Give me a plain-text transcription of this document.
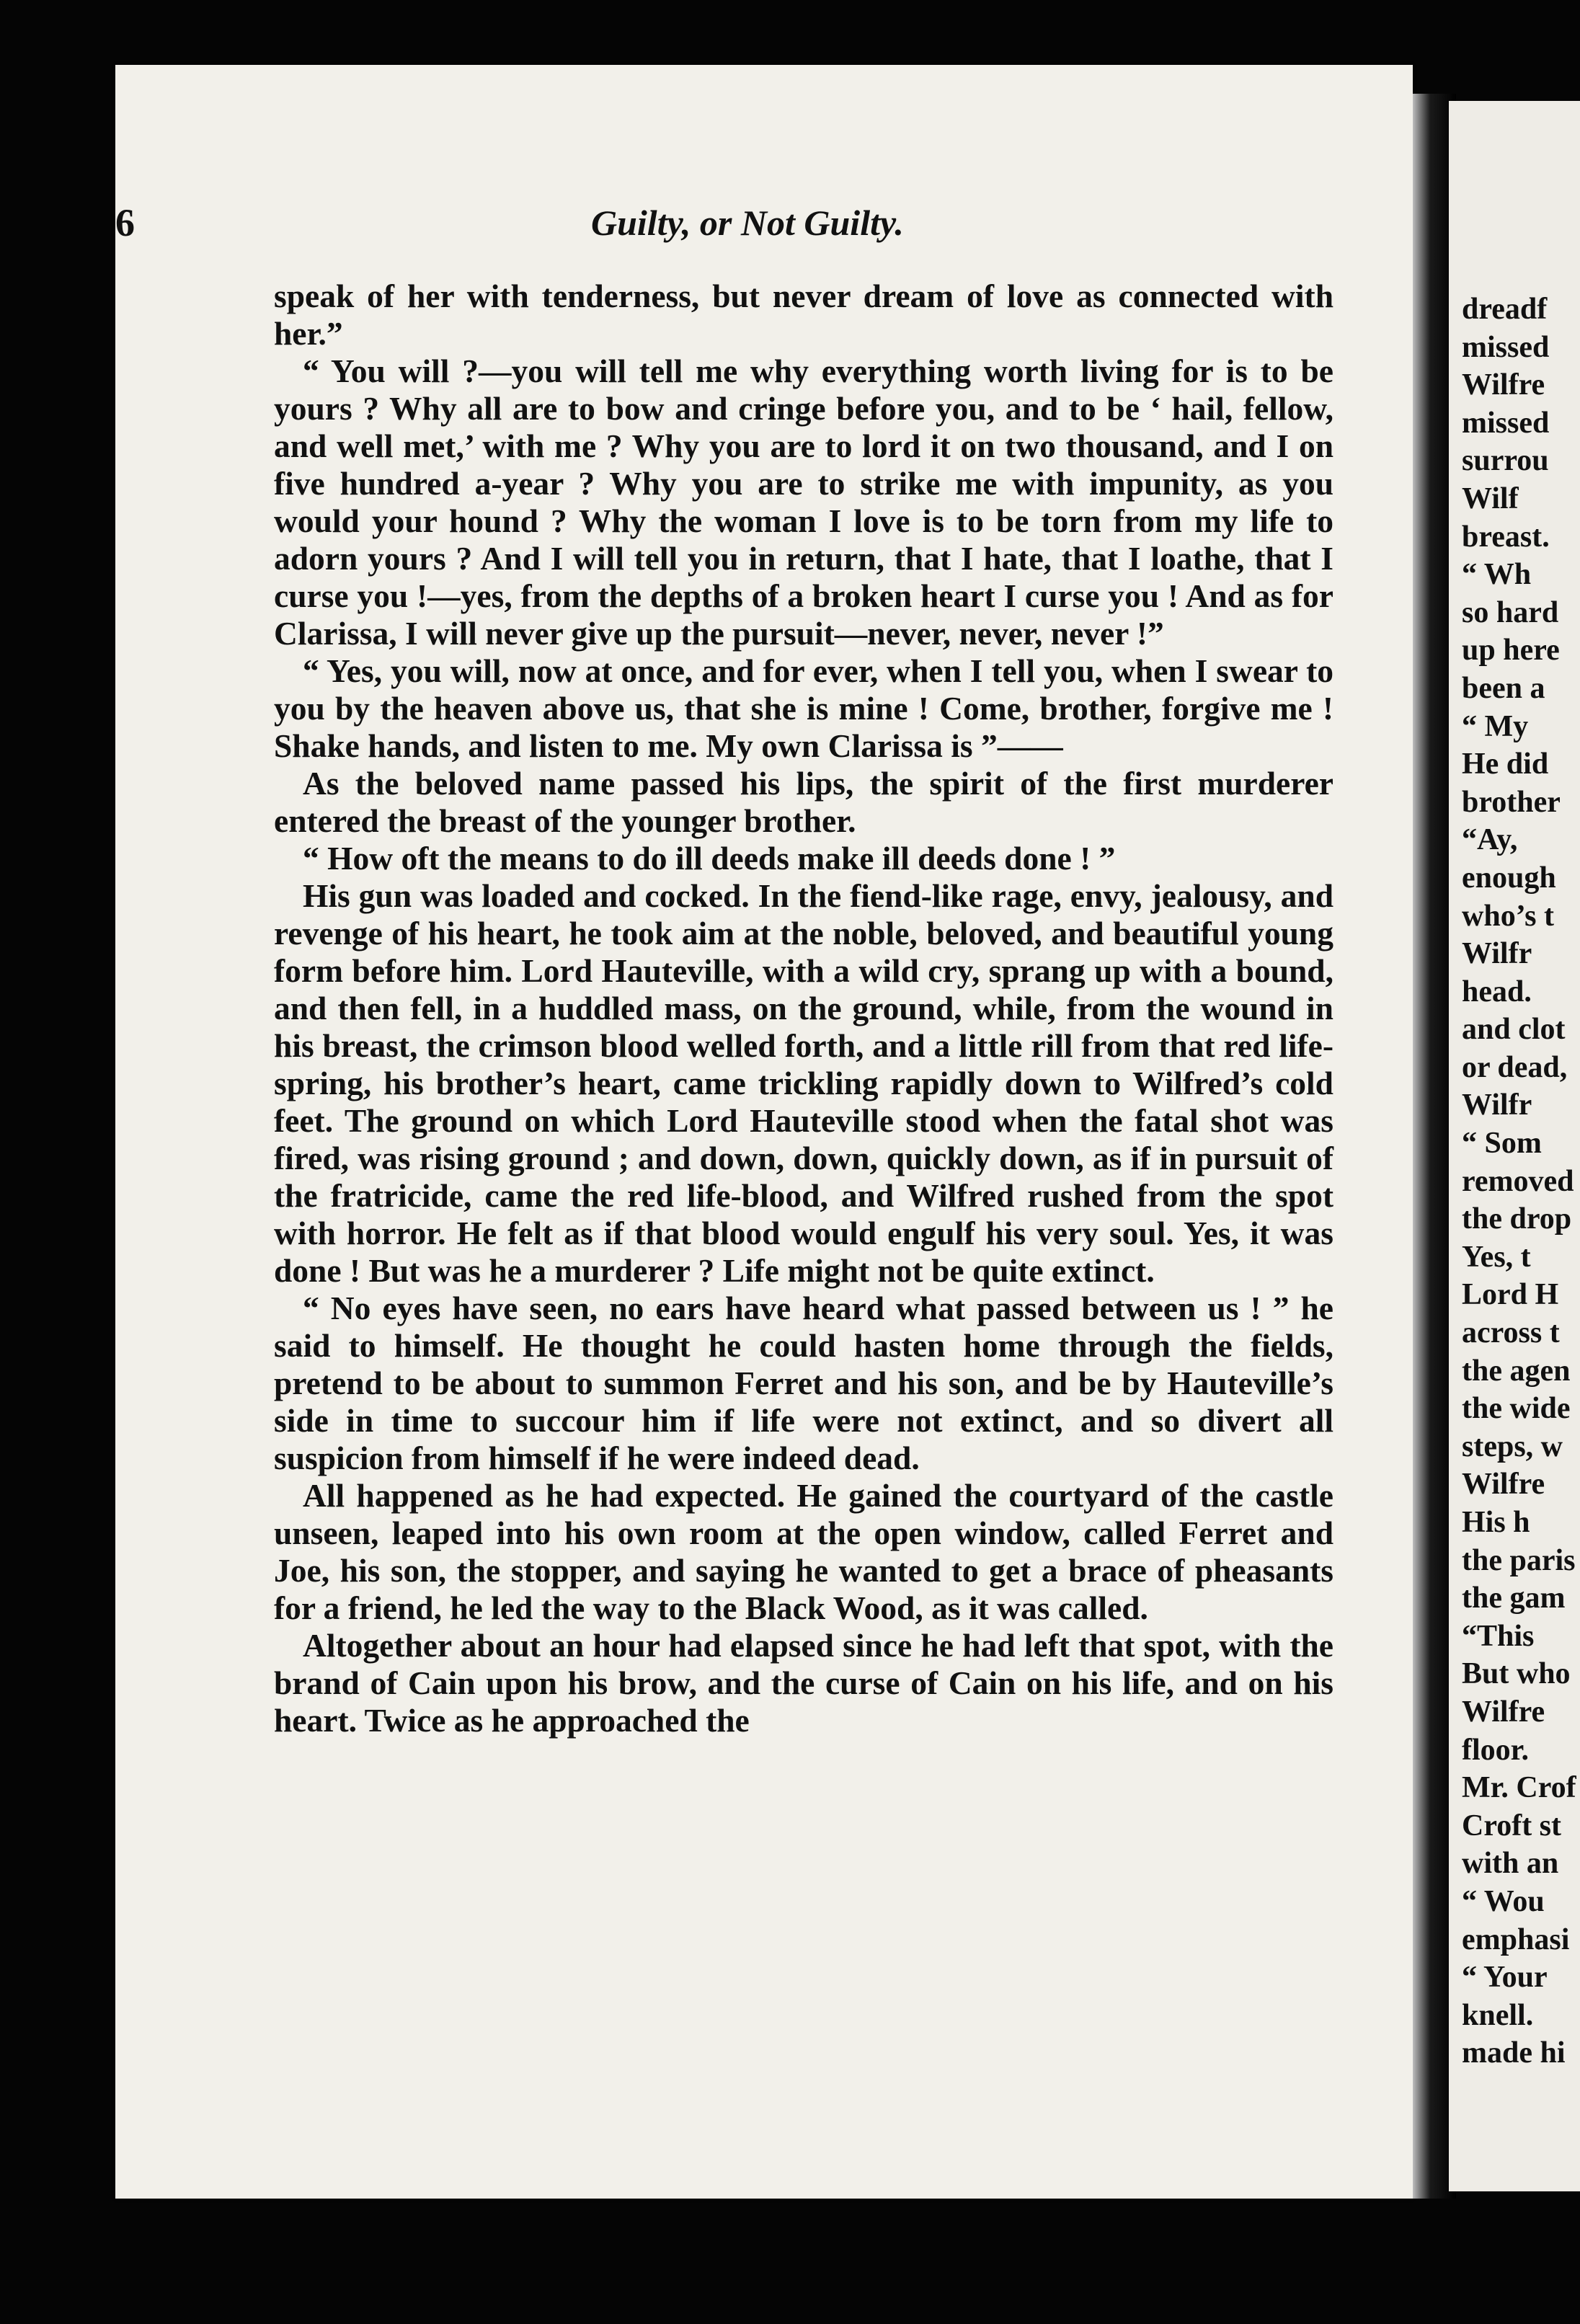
6	Guilty, or Not Guilty.

speak of her with tenderness, but never dream of love as connected with her.”

“ You will ?—you will tell me why everything worth living for is to be yours ? Why all are to bow and cringe before you, and to be ‘ hail, fellow, and well met,’ with me ? Why you are to lord it on two thousand, and I on five hundred a-year ? Why you are to strike me with impunity, as you would your hound ? Why the woman I love is to be torn from my life to adorn yours ? And I will tell you in return, that I hate, that I loathe, that I curse you !—yes, from the depths of a broken heart I curse you ! And as for Clarissa, I will never give up the pursuit—never, never, never !”

“ Yes, you will, now at once, and for ever, when I tell you, when I swear to you by the heaven above us, that she is mine ! Come, brother, forgive me ! Shake hands, and listen to me. My own Clarissa is ”——

As the beloved name passed his lips, the spirit of the first murderer entered the breast of the younger brother.

“ How oft the means to do ill deeds make ill deeds done ! ”

His gun was loaded and cocked. In the fiend-like rage, envy, jealousy, and revenge of his heart, he took aim at the noble, beloved, and beautiful young form before him. Lord Hauteville, with a wild cry, sprang up with a bound, and then fell, in a huddled mass, on the ground, while, from the wound in his breast, the crimson blood welled forth, and a little rill from that red life-spring, his brother’s heart, came trickling rapidly down to Wilfred’s cold feet. The ground on which Lord Hauteville stood when the fatal shot was fired, was rising ground ; and down, down, quickly down, as if in pursuit of the fratricide, came the red life-blood, and Wilfred rushed from the spot with horror. He felt as if that blood would engulf his very soul. Yes, it was done ! But was he a murderer ? Life might not be quite extinct.

“ No eyes have seen, no ears have heard what passed between us ! ” he said to himself. He thought he could hasten home through the fields, pretend to be about to summon Ferret and his son, and be by Hauteville’s side in time to succour him if life were not extinct, and so divert all suspicion from himself if he were indeed dead.

All happened as he had expected. He gained the courtyard of the castle unseen, leaped into his own room at the open window, called Ferret and Joe, his son, the stopper, and saying he wanted to get a brace of pheasants for a friend, he led the way to the Black Wood, as it was called.

Altogether about an hour had elapsed since he had left that spot, with the brand of Cain upon his brow, and the curse of Cain on his life, and on his heart. Twice as he approached the

dreadf
missed
Wilfre
missed
surrou
Wilf
breast.
“ Wh
so hard
up here
been a
“ My
He did
brother
“Ay,
enough
who’s t
Wilfr
head.
and clot
or dead,
Wilfr
“ Som
removed
the drop
Yes, t
Lord H
across t
the agen
the wide
steps, w
Wilfre
His h
the paris
the gam
“This
But who
Wilfre
floor.
Mr. Crof
Croft st
with an
“ Wou
emphasi
“ Your
knell.
made hi
